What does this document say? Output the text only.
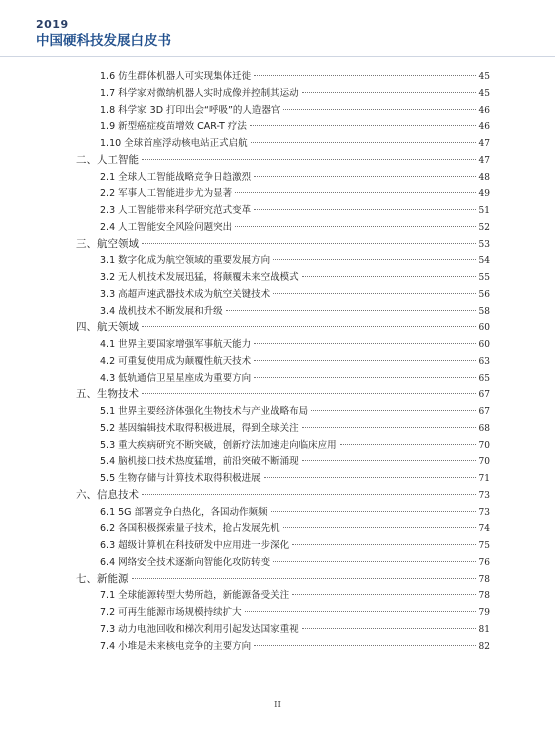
2019
中国硬科技发展白皮书
1.6 仿生群体机器人可实现集体迁徙	45
1.7 科学家对微纳机器人实时成像并控制其运动	45
1.8 科学家 3D 打印出会“呼吸”的人造器官	46
1.9 新型癌症疫苗增效 CAR-T 疗法	46
1.10 全球首座浮动核电站正式启航	47
二、人工智能	47
2.1 全球人工智能战略竞争日趋激烈	48
2.2 军事人工智能进步尤为显著	49
2.3 人工智能带来科学研究范式变革	51
2.4 人工智能安全风险问题突出	52
三、航空领域	53
3.1 数字化成为航空领域的重要发展方向	54
3.2 无人机技术发展迅猛，将颠覆未来空战模式	55
3.3 高超声速武器技术成为航空关键技术	56
3.4 战机技术不断发展和升级	58
四、航天领域	60
4.1 世界主要国家增强军事航天能力	60
4.2 可重复使用成为颠覆性航天技术	63
4.3 低轨通信卫星星座成为重要方向	65
五、生物技术	67
5.1 世界主要经济体强化生物技术与产业战略布局	67
5.2 基因编辑技术取得积极进展，得到全球关注	68
5.3 重大疾病研究不断突破，创新疗法加速走向临床应用	70
5.4 脑机接口技术热度猛增，前沿突破不断涌现	70
5.5 生物存储与计算技术取得积极进展	71
六、信息技术	73
6.1 5G 部署竞争白热化，各国动作频频	73
6.2 各国积极探索量子技术，抢占发展先机	74
6.3 超级计算机在科技研发中应用进一步深化	75
6.4 网络安全技术逐渐向智能化攻防转变	76
七、新能源	78
7.1 全球能源转型大势所趋，新能源备受关注	78
7.2 可再生能源市场规模持续扩大	79
7.3 动力电池回收和梯次利用引起发达国家重视	81
7.4 小堆是未来核电竞争的主要方向	82
II
